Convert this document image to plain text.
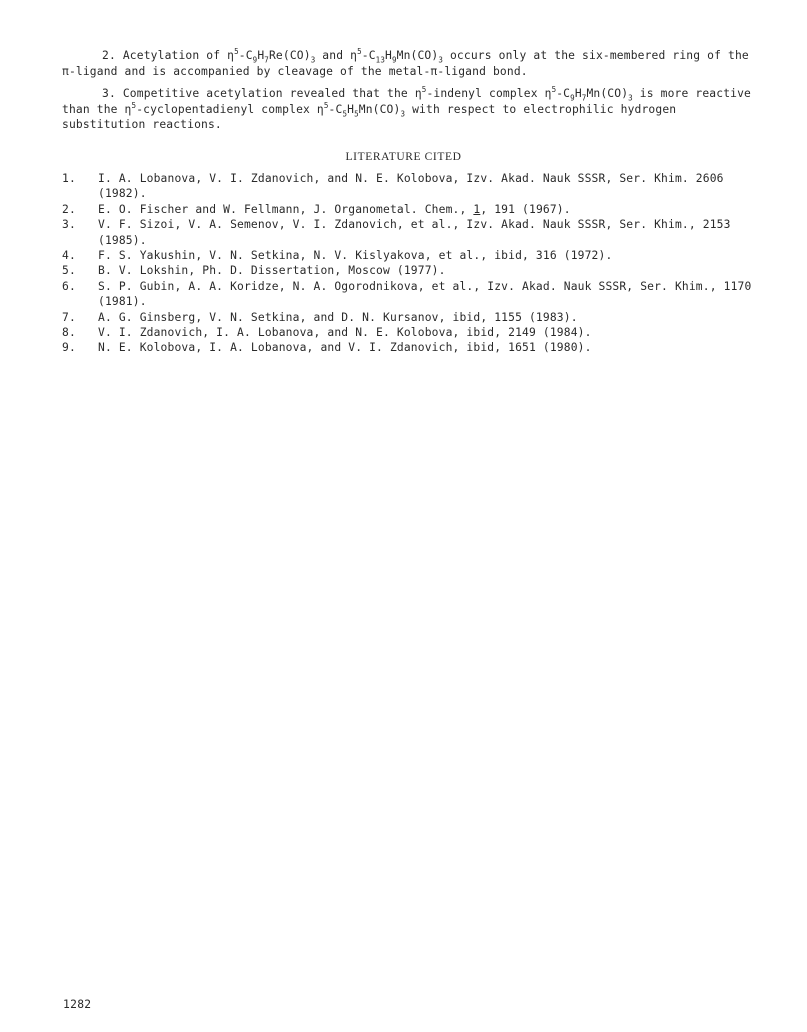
2. Acetylation of $\eta^5-C_9H_7Re(CO)_3$ and $\eta^5-C_{13}H_9Mn(CO)_3$ occurs only at the six-membered ring of the π-ligand and is accompanied by cleavage of the metal-π-ligand bond.
3. Competitive acetylation revealed that the $\eta^5$-indenyl complex $\eta^5-C_9H_7Mn(CO)_3$ is more reactive than the $\eta^5$-cyclopentadienyl complex $\eta^5-C_5H_5Mn(CO)_3$ with respect to electrophilic hydrogen substitution reactions.
LITERATURE CITED
1.	I. A. Lobanova, V. I. Zdanovich, and N. E. Kolobova, Izv. Akad. Nauk SSSR, Ser. Khim. 2606 (1982).
2.	E. O. Fischer and W. Fellmann, J. Organometal. Chem., 1, 191 (1967).
3.	V. F. Sizoi, V. A. Semenov, V. I. Zdanovich, et al., Izv. Akad. Nauk SSSR, Ser. Khim., 2153 (1985).
4.	F. S. Yakushin, V. N. Setkina, N. V. Kislyakova, et al., ibid, 316 (1972).
5.	B. V. Lokshin, Ph. D. Dissertation, Moscow (1977).
6.	S. P. Gubin, A. A. Koridze, N. A. Ogorodnikova, et al., Izv. Akad. Nauk SSSR, Ser. Khim., 1170 (1981).
7.	A. G. Ginsberg, V. N. Setkina, and D. N. Kursanov, ibid, 1155 (1983).
8.	V. I. Zdanovich, I. A. Lobanova, and N. E. Kolobova, ibid, 2149 (1984).
9.	N. E. Kolobova, I. A. Lobanova, and V. I. Zdanovich, ibid, 1651 (1980).
1282
